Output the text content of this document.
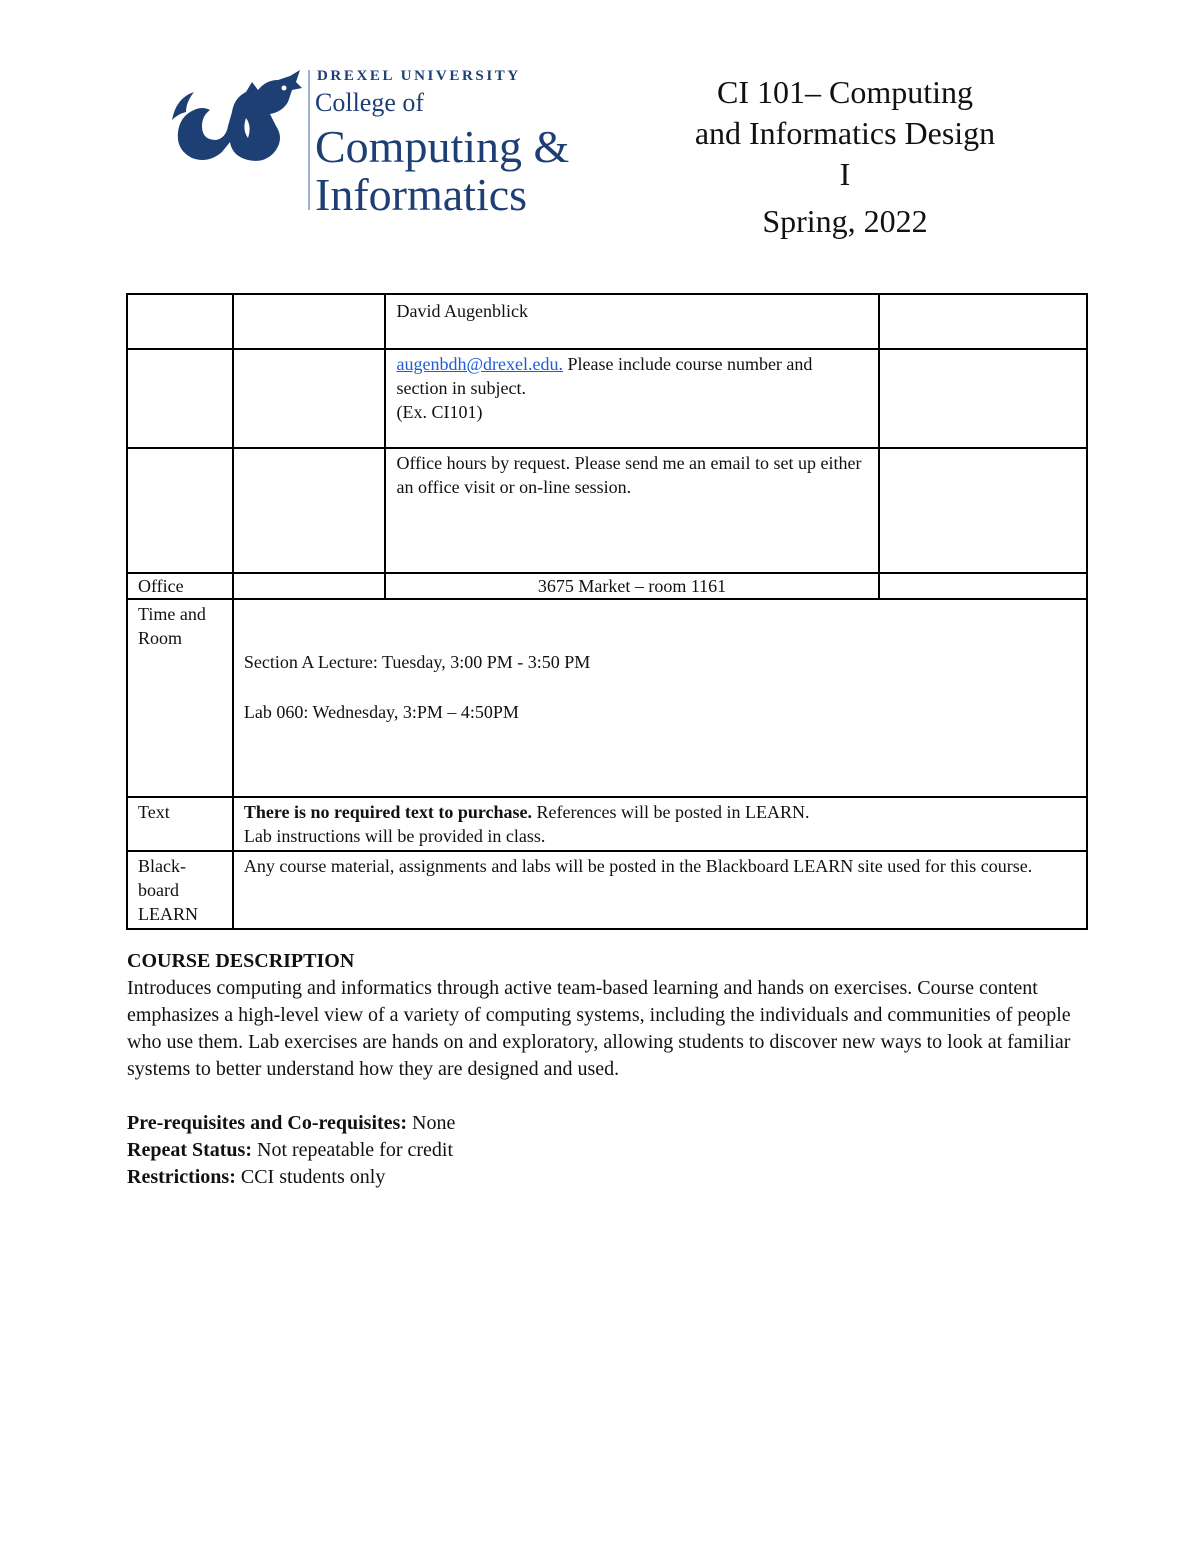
DREXEL UNIVERSITY
College of
Computing &
Informatics
CI 101– Computing
and Informatics Design
I
Spring, 2022
		David Augenblick	
		augenbdh@drexel.edu. Please include course number and section in subject.
(Ex. CI101)	
		Office hours by request. Please send me an email to set up either an office visit or on-line session.	
Office		3675 Market – room 1161	
Time and Room	Section A Lecture: Tuesday, 3:00 PM - 3:50 PM
Lab 060: Wednesday, 3:PM – 4:50PM		

Text	There is no required text to purchase. References will be posted in LEARN.
Lab instructions will be provided in class.		
Black-board LEARN	Any course material, assignments and labs will be posted in the Blackboard LEARN site used for this course.		
COURSE DESCRIPTION

Introduces computing and informatics through active team-based learning and hands on exercises. Course content emphasizes a high-level view of a variety of computing systems, including the individuals and communities of people who use them. Lab exercises are hands on and exploratory, allowing students to discover new ways to look at familiar systems to better understand how they are designed and used.

Pre-requisites and Co-requisites: None
Repeat Status: Not repeatable for credit
Restrictions: CCI students only
